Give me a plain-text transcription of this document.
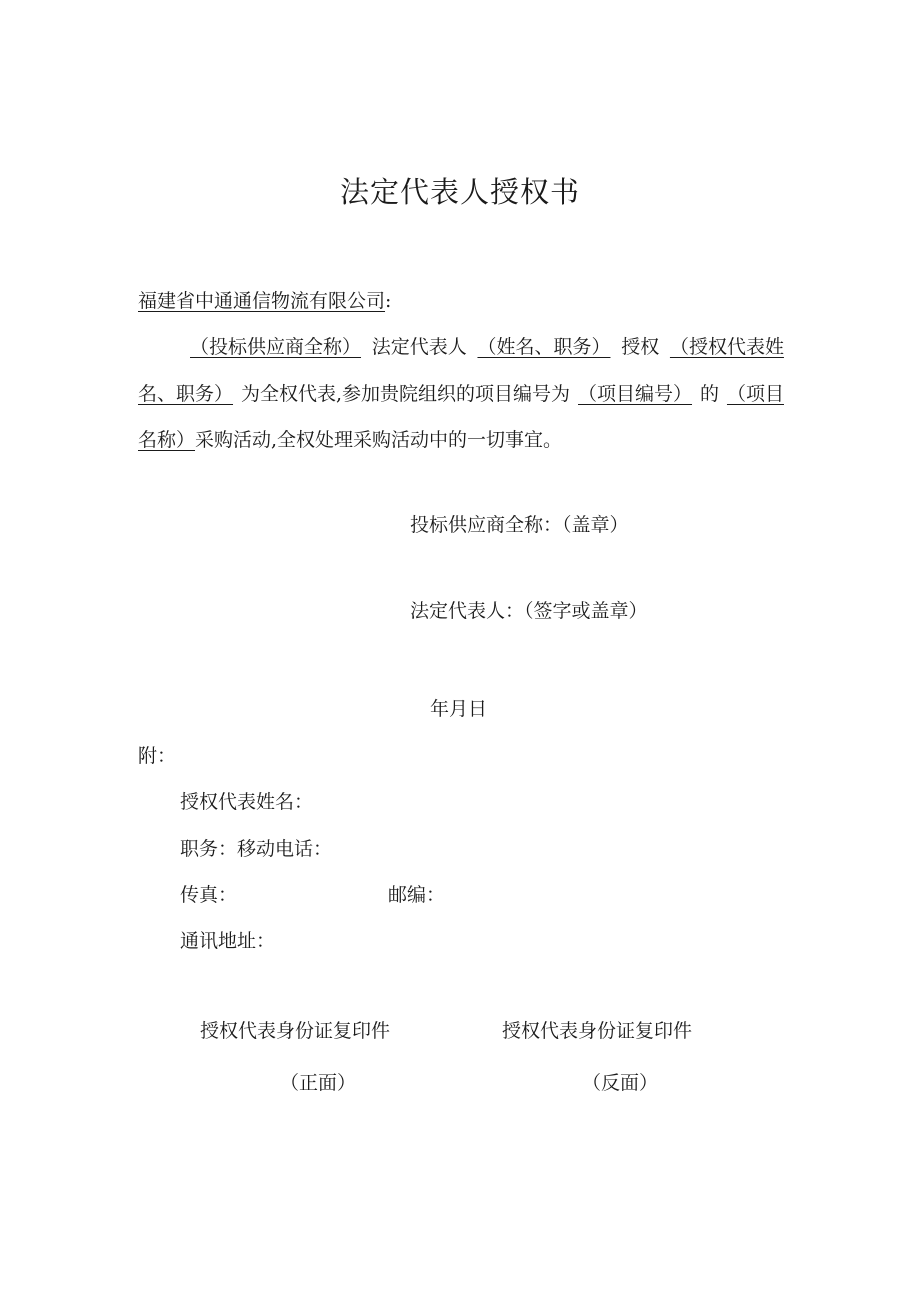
法定代表人授权书
福建省中通通信物流有限公司:
（投标供应商全称） 法定代表人 （姓名、职务） 授权 （授权代表姓
名、职务） 为全权代表,参加贵院组织的项目编号为 （项目编号） 的 （项目
名称）采购活动,全权处理采购活动中的一切事宜。
投标供应商全称：（盖章）
法定代表人：（签字或盖章）
年月日
附：
授权代表姓名：
职务：移动电话：
传真：	邮编：
通讯地址：
授权代表身份证复印件
（正面）
授权代表身份证复印件
（反面）
